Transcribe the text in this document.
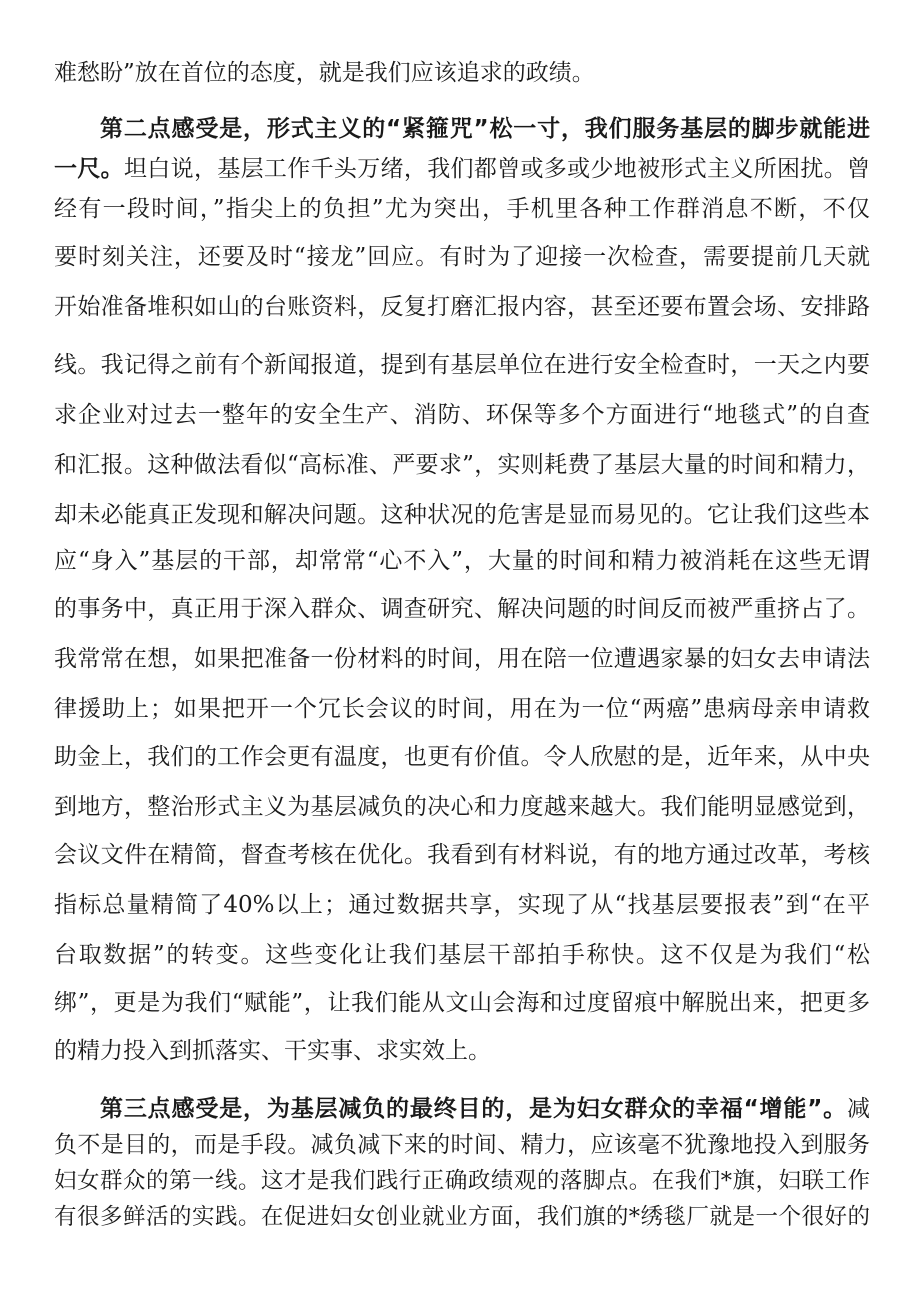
难愁盼”放在首位的态度，就是我们应该追求的政绩。
第二点感受是，形式主义的“紧箍咒”松一寸，我们服务基层的脚步就能进
一尺。坦白说，基层工作千头万绪，我们都曾或多或少地被形式主义所困扰。曾
经有一段时间，”指尖上的负担”尤为突出，手机里各种工作群消息不断，不仅
要时刻关注，还要及时“接龙”回应。有时为了迎接一次检查，需要提前几天就
开始准备堆积如山的台账资料，反复打磨汇报内容，甚至还要布置会场、安排路
线。我记得之前有个新闻报道，提到有基层单位在进行安全检查时，一天之内要
求企业对过去一整年的安全生产、消防、环保等多个方面进行“地毯式”的自查
和汇报。这种做法看似“高标准、严要求”，实则耗费了基层大量的时间和精力，
却未必能真正发现和解决问题。这种状况的危害是显而易见的。它让我们这些本
应“身入”基层的干部，却常常“心不入”，大量的时间和精力被消耗在这些无谓
的事务中，真正用于深入群众、调查研究、解决问题的时间反而被严重挤占了。
我常常在想，如果把准备一份材料的时间，用在陪一位遭遇家暴的妇女去申请法
律援助上；如果把开一个冗长会议的时间，用在为一位“两癌”患病母亲申请救
助金上，我们的工作会更有温度，也更有价值。令人欣慰的是，近年来，从中央
到地方，整治形式主义为基层减负的决心和力度越来越大。我们能明显感觉到，
会议文件在精简，督查考核在优化。我看到有材料说，有的地方通过改革，考核
指标总量精简了40%以上；通过数据共享，实现了从“找基层要报表”到“在平
台取数据”的转变。这些变化让我们基层干部拍手称快。这不仅是为我们“松
绑”，更是为我们“赋能”，让我们能从文山会海和过度留痕中解脱出来，把更多
的精力投入到抓落实、干实事、求实效上。
第三点感受是，为基层减负的最终目的，是为妇女群众的幸福“增能”。减
负不是目的，而是手段。减负减下来的时间、精力，应该毫不犹豫地投入到服务
妇女群众的第一线。这才是我们践行正确政绩观的落脚点。在我们*旗，妇联工作
有很多鲜活的实践。在促进妇女创业就业方面，我们旗的*绣毯厂就是一个很好的
